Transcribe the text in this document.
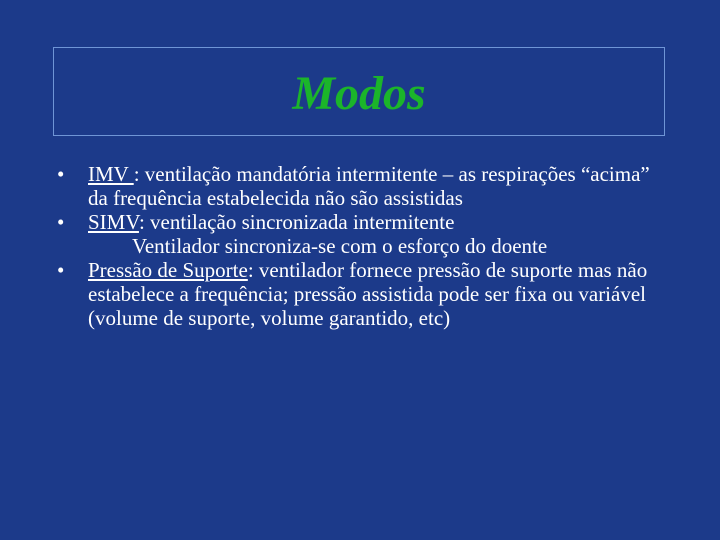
Modos
•	IMV : ventilação mandatória intermitente – as respirações “acima” da frequência estabelecida não são assistidas
•	SIMV: ventilação sincronizada intermitente
Ventilador sincroniza-se com o esforço do doente
•	Pressão de Suporte: ventilador fornece pressão de suporte mas não estabelece a frequência; pressão assistida pode ser fixa ou variável (volume de suporte, volume garantido, etc)
